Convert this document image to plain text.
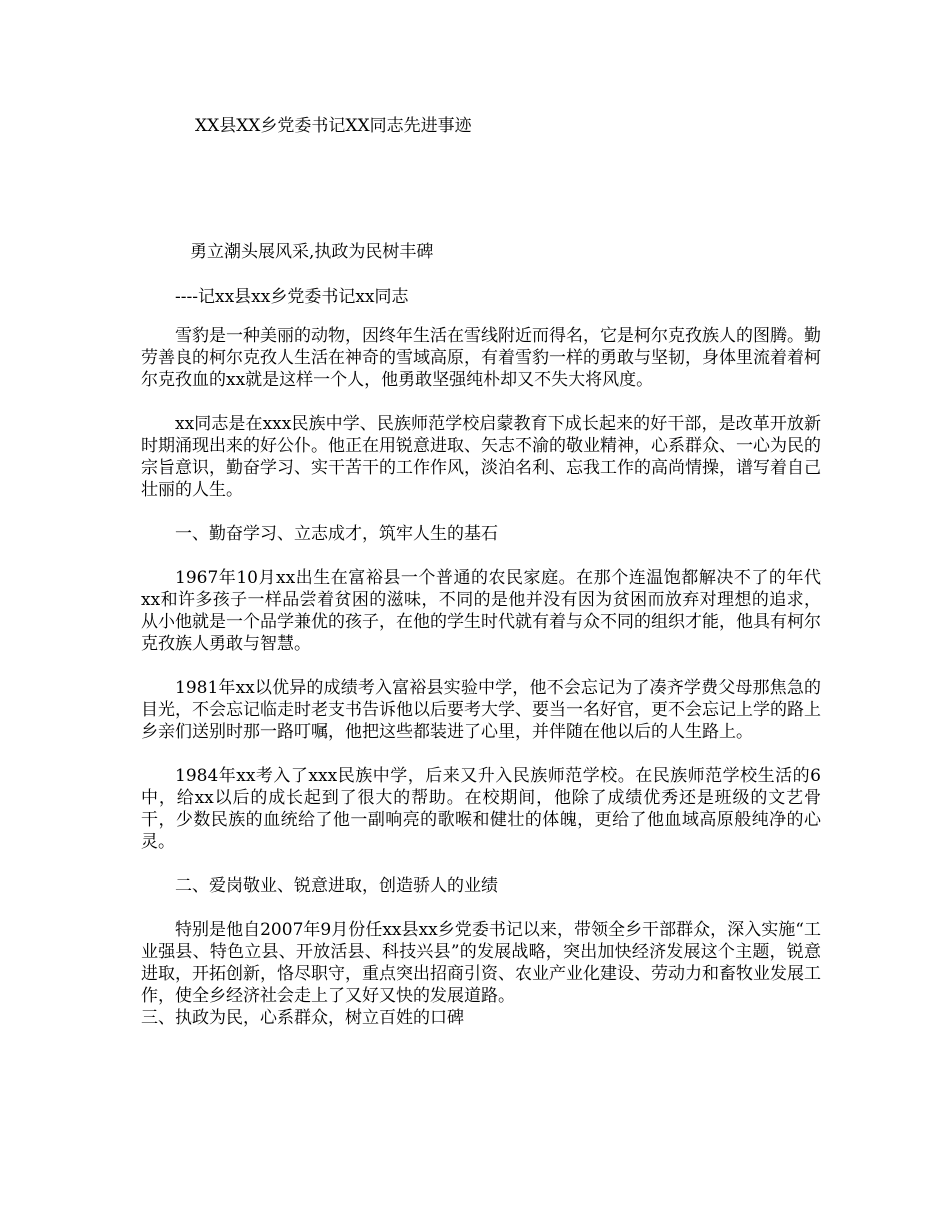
XX县XX乡党委书记XX同志先进事迹
勇立潮头展风采,执政为民树丰碑
----记xx县xx乡党委书记xx同志

雪豹是一种美丽的动物，因终年生活在雪线附近而得名，它是柯尔克孜族人的图腾。勤劳善良的柯尔克孜人生活在神奇的雪域高原，有着雪豹一样的勇敢与坚韧，身体里流着着柯尔克孜血的xx就是这样一个人，他勇敢坚强纯朴却又不失大将风度。

xx同志是在xxx民族中学、民族师范学校启蒙教育下成长起来的好干部，是改革开放新时期涌现出来的好公仆。他正在用锐意进取、矢志不渝的敬业精神，心系群众、一心为民的宗旨意识，勤奋学习、实干苦干的工作作风，淡泊名利、忘我工作的高尚情操，谱写着自己壮丽的人生。

一、勤奋学习、立志成才，筑牢人生的基石

1967年10月xx出生在富裕县一个普通的农民家庭。在那个连温饱都解决不了的年代xx和许多孩子一样品尝着贫困的滋味，不同的是他并没有因为贫困而放弃对理想的追求，从小他就是一个品学兼优的孩子，在他的学生时代就有着与众不同的组织才能，他具有柯尔克孜族人勇敢与智慧。

1981年xx以优异的成绩考入富裕县实验中学，他不会忘记为了凑齐学费父母那焦急的目光，不会忘记临走时老支书告诉他以后要考大学、要当一名好官，更不会忘记上学的路上乡亲们送别时那一路叮嘱，他把这些都装进了心里，并伴随在他以后的人生路上。

1984年xx考入了xxx民族中学，后来又升入民族师范学校。在民族师范学校生活的6中，给xx以后的成长起到了很大的帮助。在校期间，他除了成绩优秀还是班级的文艺骨干，少数民族的血统给了他一副响亮的歌喉和健壮的体魄，更给了他血域高原般纯净的心灵。

二、爱岗敬业、锐意进取，创造骄人的业绩

特别是他自2007年9月份任xx县xx乡党委书记以来，带领全乡干部群众，深入实施“工业强县、特色立县、开放活县、科技兴县”的发展战略，突出加快经济发展这个主题，锐意进取，开拓创新，恪尽职守，重点突出招商引资、农业产业化建设、劳动力和畜牧业发展工作，使全乡经济社会走上了又好又快的发展道路。

三、执政为民，心系群众，树立百姓的口碑
